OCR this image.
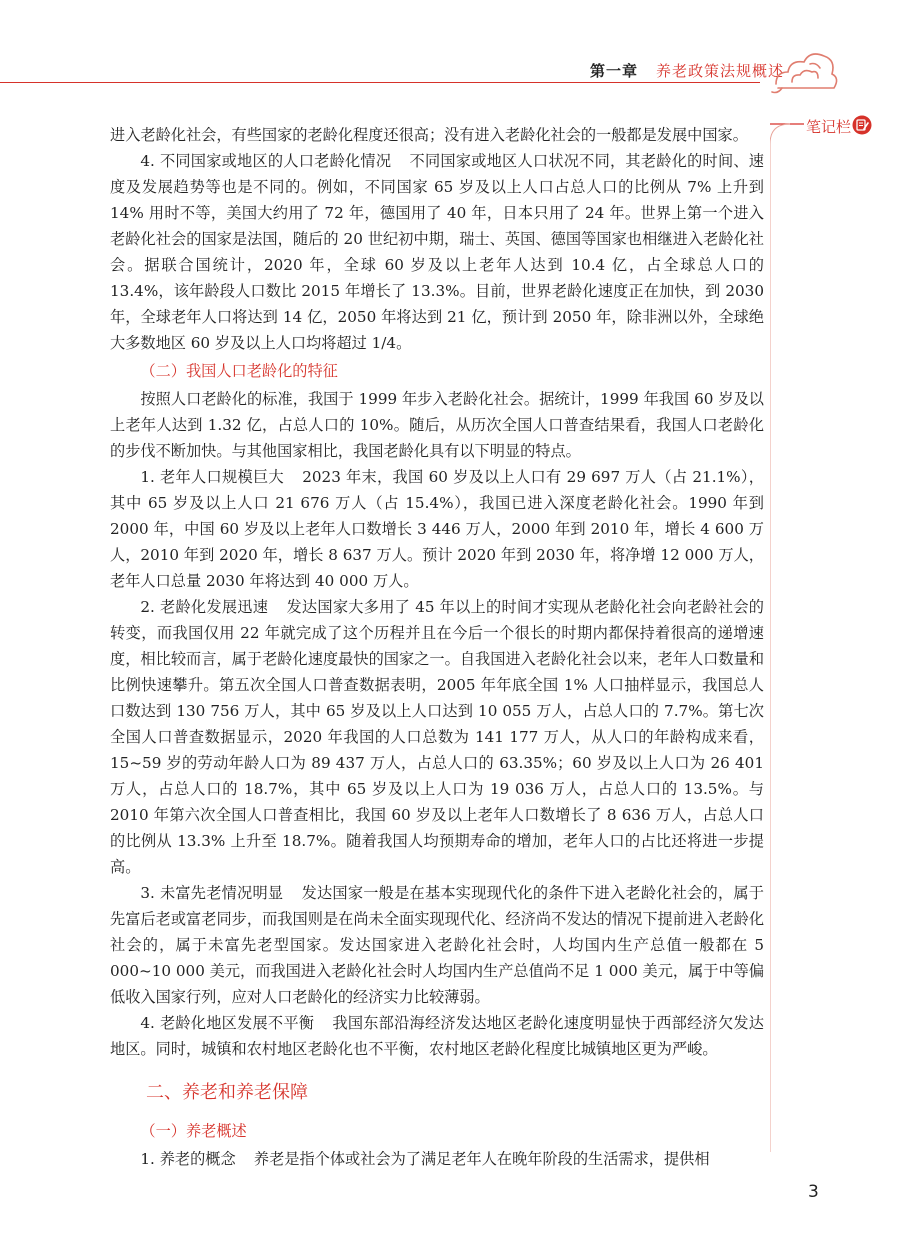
第一章 养老政策法规概述
笔记栏

进入老龄化社会，有些国家的老龄化程度还很高；没有进入老龄化社会的一般都是发展中国家。

4. 不同国家或地区的人口老龄化情况 不同国家或地区人口状况不同，其老龄化的时间、速度及发展趋势等也是不同的。例如，不同国家 65 岁及以上人口占总人口的比例从 7% 上升到 14% 用时不等，美国大约用了 72 年，德国用了 40 年，日本只用了 24 年。世界上第一个进入老龄化社会的国家是法国，随后的 20 世纪初中期，瑞士、英国、德国等国家也相继进入老龄化社会。据联合国统计，2020 年，全球 60 岁及以上老年人达到 10.4 亿，占全球总人口的 13.4%，该年龄段人口数比 2015 年增长了 13.3%。目前，世界老龄化速度正在加快，到 2030 年，全球老年人口将达到 14 亿，2050 年将达到 21 亿，预计到 2050 年，除非洲以外，全球绝大多数地区 60 岁及以上人口均将超过 1/4。

（二）我国人口老龄化的特征

按照人口老龄化的标准，我国于 1999 年步入老龄化社会。据统计，1999 年我国 60 岁及以上老年人达到 1.32 亿，占总人口的 10%。随后，从历次全国人口普查结果看，我国人口老龄化的步伐不断加快。与其他国家相比，我国老龄化具有以下明显的特点。

1. 老年人口规模巨大 2023 年末，我国 60 岁及以上人口有 29 697 万人（占 21.1%），其中 65 岁及以上人口 21 676 万人（占 15.4%），我国已进入深度老龄化社会。1990 年到 2000 年，中国 60 岁及以上老年人口数增长 3 446 万人，2000 年到 2010 年，增长 4 600 万人，2010 年到 2020 年，增长 8 637 万人。预计 2020 年到 2030 年，将净增 12 000 万人，老年人口总量 2030 年将达到 40 000 万人。

2. 老龄化发展迅速 发达国家大多用了 45 年以上的时间才实现从老龄化社会向老龄社会的转变，而我国仅用 22 年就完成了这个历程并且在今后一个很长的时期内都保持着很高的递增速度，相比较而言，属于老龄化速度最快的国家之一。自我国进入老龄化社会以来，老年人口数量和比例快速攀升。第五次全国人口普查数据表明，2005 年年底全国 1% 人口抽样显示，我国总人口数达到 130 756 万人，其中 65 岁及以上人口达到 10 055 万人，占总人口的 7.7%。第七次全国人口普查数据显示，2020 年我国的人口总数为 141 177 万人，从人口的年龄构成来看，15~59 岁的劳动年龄人口为 89 437 万人，占总人口的 63.35%；60 岁及以上人口为 26 401 万人，占总人口的 18.7%，其中 65 岁及以上人口为 19 036 万人，占总人口的 13.5%。与 2010 年第六次全国人口普查相比，我国 60 岁及以上老年人口数增长了 8 636 万人，占总人口的比例从 13.3% 上升至 18.7%。随着我国人均预期寿命的增加，老年人口的占比还将进一步提高。

3. 未富先老情况明显 发达国家一般是在基本实现现代化的条件下进入老龄化社会的，属于先富后老或富老同步，而我国则是在尚未全面实现现代化、经济尚不发达的情况下提前进入老龄化社会的，属于未富先老型国家。发达国家进入老龄化社会时，人均国内生产总值一般都在 5 000~10 000 美元，而我国进入老龄化社会时人均国内生产总值尚不足 1 000 美元，属于中等偏低收入国家行列，应对人口老龄化的经济实力比较薄弱。

4. 老龄化地区发展不平衡 我国东部沿海经济发达地区老龄化速度明显快于西部经济欠发达地区。同时，城镇和农村地区老龄化也不平衡，农村地区老龄化程度比城镇地区更为严峻。

二、养老和养老保障
（一）养老概述

1. 养老的概念 养老是指个体或社会为了满足老年人在晚年阶段的生活需求，提供相

3
